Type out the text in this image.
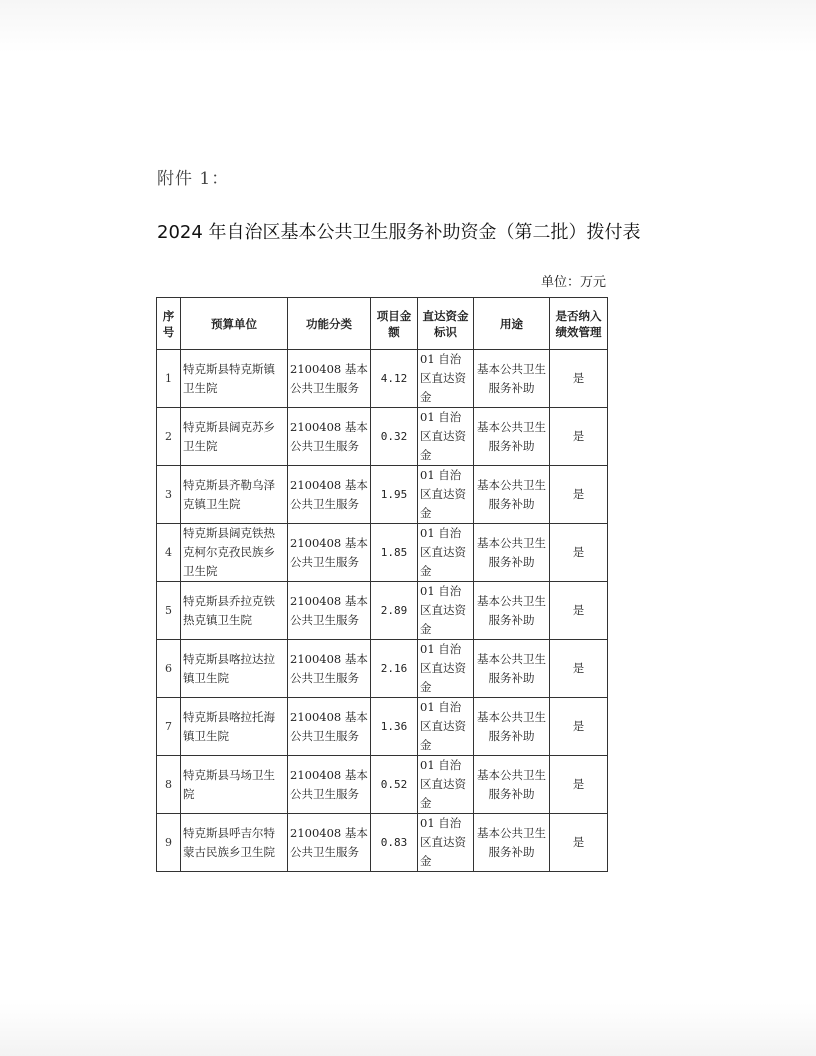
附件 1：
2024 年自治区基本公共卫生服务补助资金（第二批）拨付表
单位：万元
序号	预算单位	功能分类	项目金额	直达资金标识	用途	是否纳入绩效管理
1	特克斯县特克斯镇卫生院	2100408 基本公共卫生服务	4.12	01 自治区直达资金	基本公共卫生服务补助	是
2	特克斯县阔克苏乡卫生院	2100408 基本公共卫生服务	0.32	01 自治区直达资金	基本公共卫生服务补助	是
3	特克斯县齐勒乌泽克镇卫生院	2100408 基本公共卫生服务	1.95	01 自治区直达资金	基本公共卫生服务补助	是
4	特克斯县阔克铁热克柯尔克孜民族乡卫生院	2100408 基本公共卫生服务	1.85	01 自治区直达资金	基本公共卫生服务补助	是
5	特克斯县乔拉克铁热克镇卫生院	2100408 基本公共卫生服务	2.89	01 自治区直达资金	基本公共卫生服务补助	是
6	特克斯县喀拉达拉镇卫生院	2100408 基本公共卫生服务	2.16	01 自治区直达资金	基本公共卫生服务补助	是
7	特克斯县喀拉托海镇卫生院	2100408 基本公共卫生服务	1.36	01 自治区直达资金	基本公共卫生服务补助	是
8	特克斯县马场卫生院	2100408 基本公共卫生服务	0.52	01 自治区直达资金	基本公共卫生服务补助	是
9	特克斯县呼吉尔特蒙古民族乡卫生院	2100408 基本公共卫生服务	0.83	01 自治区直达资金	基本公共卫生服务补助	是
